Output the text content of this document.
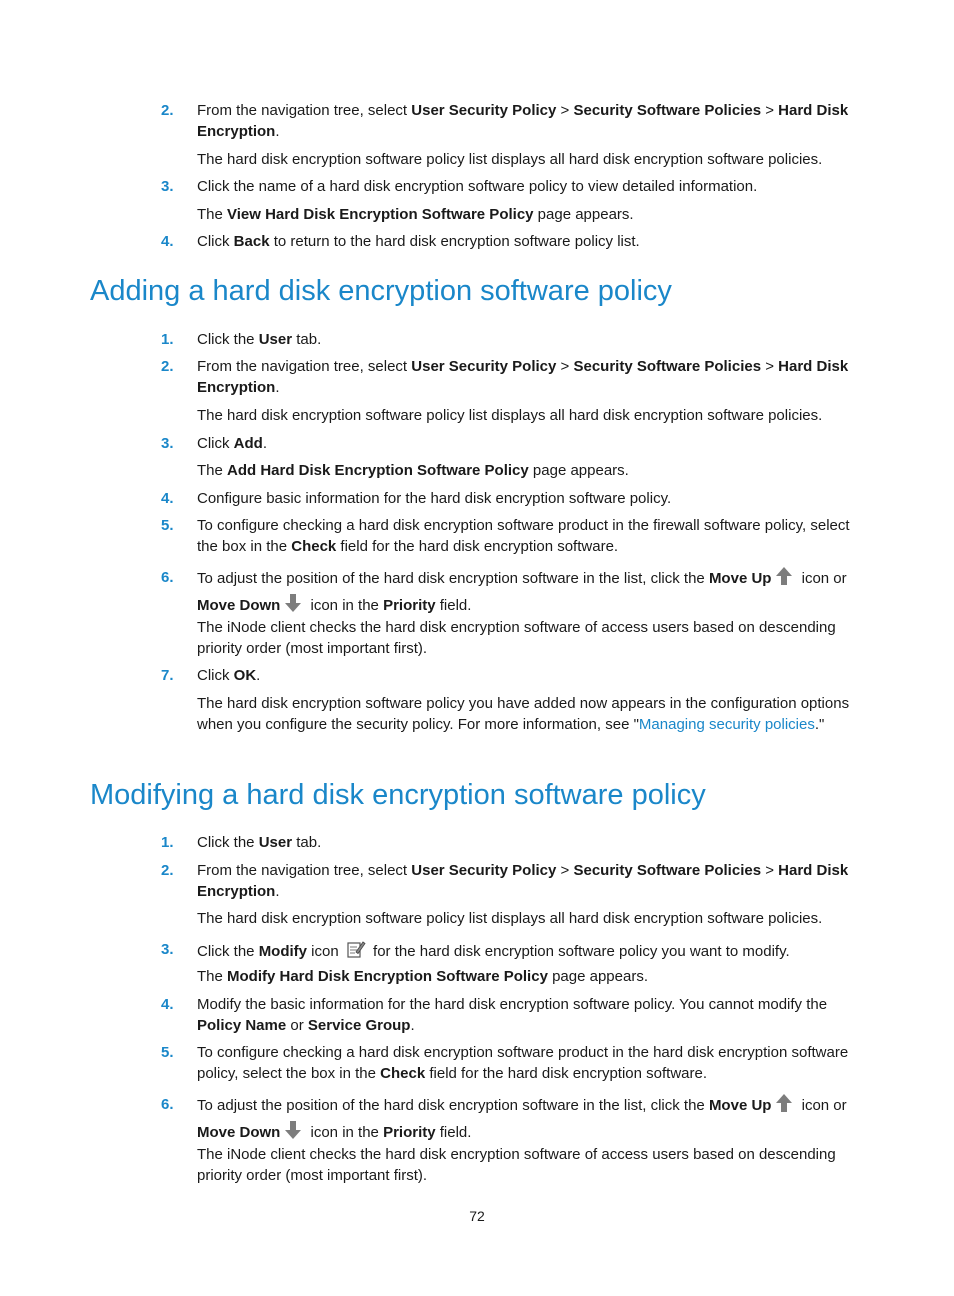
2.	From the navigation tree, select User Security Policy > Security Software Policies > Hard Disk Encryption.
The hard disk encryption software policy list displays all hard disk encryption software policies.
3.	Click the name of a hard disk encryption software policy to view detailed information.
The View Hard Disk Encryption Software Policy page appears.
4.	Click Back to return to the hard disk encryption software policy list.
Adding a hard disk encryption software policy
1.	Click the User tab.
2.	From the navigation tree, select User Security Policy > Security Software Policies > Hard Disk Encryption.
The hard disk encryption software policy list displays all hard disk encryption software policies.
3.	Click Add.
The Add Hard Disk Encryption Software Policy page appears.
4.	Configure basic information for the hard disk encryption software policy.
5.	To configure checking a hard disk encryption software product in the firewall software policy, select the box in the Check field for the hard disk encryption software.
6.	To adjust the position of the hard disk encryption software in the list, click the Move Up icon or Move Down icon in the Priority field.
The iNode client checks the hard disk encryption software of access users based on descending priority order (most important first).
7.	Click OK.
The hard disk encryption software policy you have added now appears in the configuration options when you configure the security policy. For more information, see "Managing security policies."
Modifying a hard disk encryption software policy
1.	Click the User tab.
2.	From the navigation tree, select User Security Policy > Security Software Policies > Hard Disk Encryption.
The hard disk encryption software policy list displays all hard disk encryption software policies.
3.	Click the Modify icon  for the hard disk encryption software policy you want to modify.
The Modify Hard Disk Encryption Software Policy page appears.
4.	Modify the basic information for the hard disk encryption software policy. You cannot modify the Policy Name or Service Group.
5.	To configure checking a hard disk encryption software product in the hard disk encryption software policy, select the box in the Check field for the hard disk encryption software.
6.	To adjust the position of the hard disk encryption software in the list, click the Move Up icon or Move Down icon in the Priority field.
The iNode client checks the hard disk encryption software of access users based on descending priority order (most important first).
72
